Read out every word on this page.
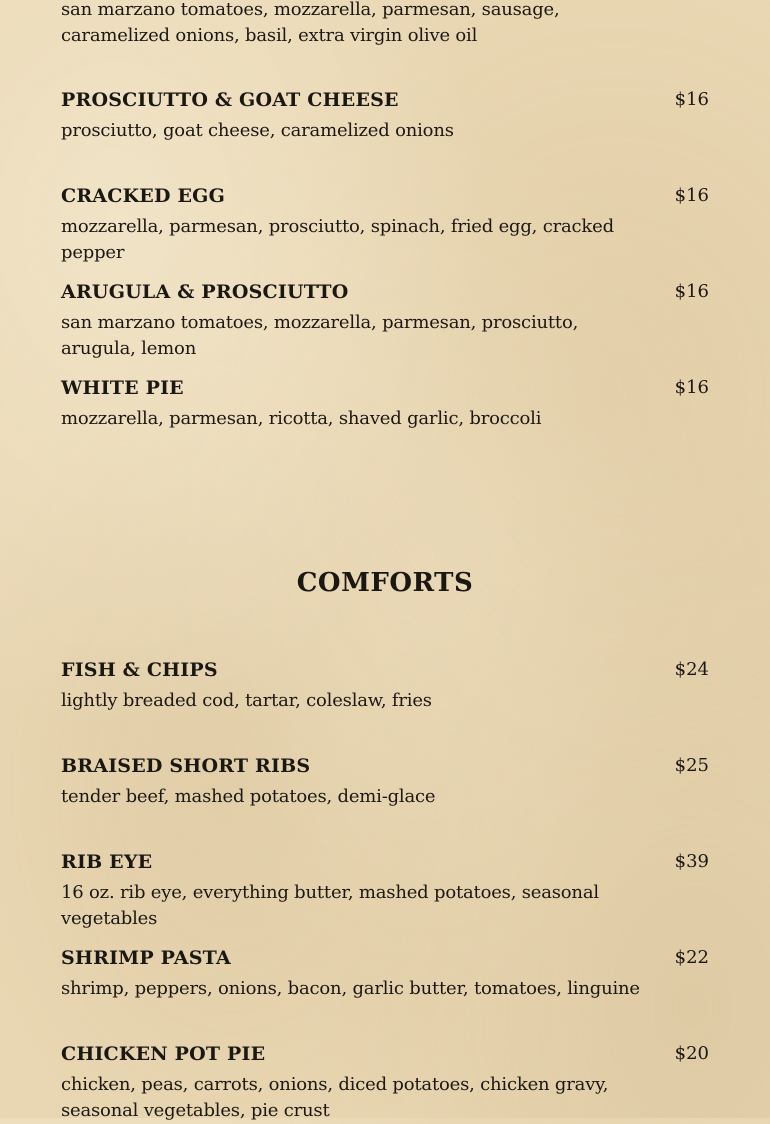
san marzano tomatoes, mozzarella, parmesan, sausage, caramelized onions, basil, extra virgin olive oil
PROSCIUTTO & GOAT CHEESE	$16
prosciutto, goat cheese, caramelized onions
CRACKED EGG	$16
mozzarella, parmesan, prosciutto, spinach, fried egg, cracked pepper
ARUGULA & PROSCIUTTO	$16
san marzano tomatoes, mozzarella, parmesan, prosciutto, arugula, lemon
WHITE PIE	$16
mozzarella, parmesan, ricotta, shaved garlic, broccoli
COMFORTS
FISH & CHIPS	$24
lightly breaded cod, tartar, coleslaw, fries
BRAISED SHORT RIBS	$25
tender beef, mashed potatoes, demi-glace
RIB EYE	$39
16 oz. rib eye, everything butter, mashed potatoes, seasonal vegetables
SHRIMP PASTA	$22
shrimp, peppers, onions, bacon, garlic butter, tomatoes, linguine
CHICKEN POT PIE	$20
chicken, peas, carrots, onions, diced potatoes, chicken gravy, seasonal vegetables, pie crust
